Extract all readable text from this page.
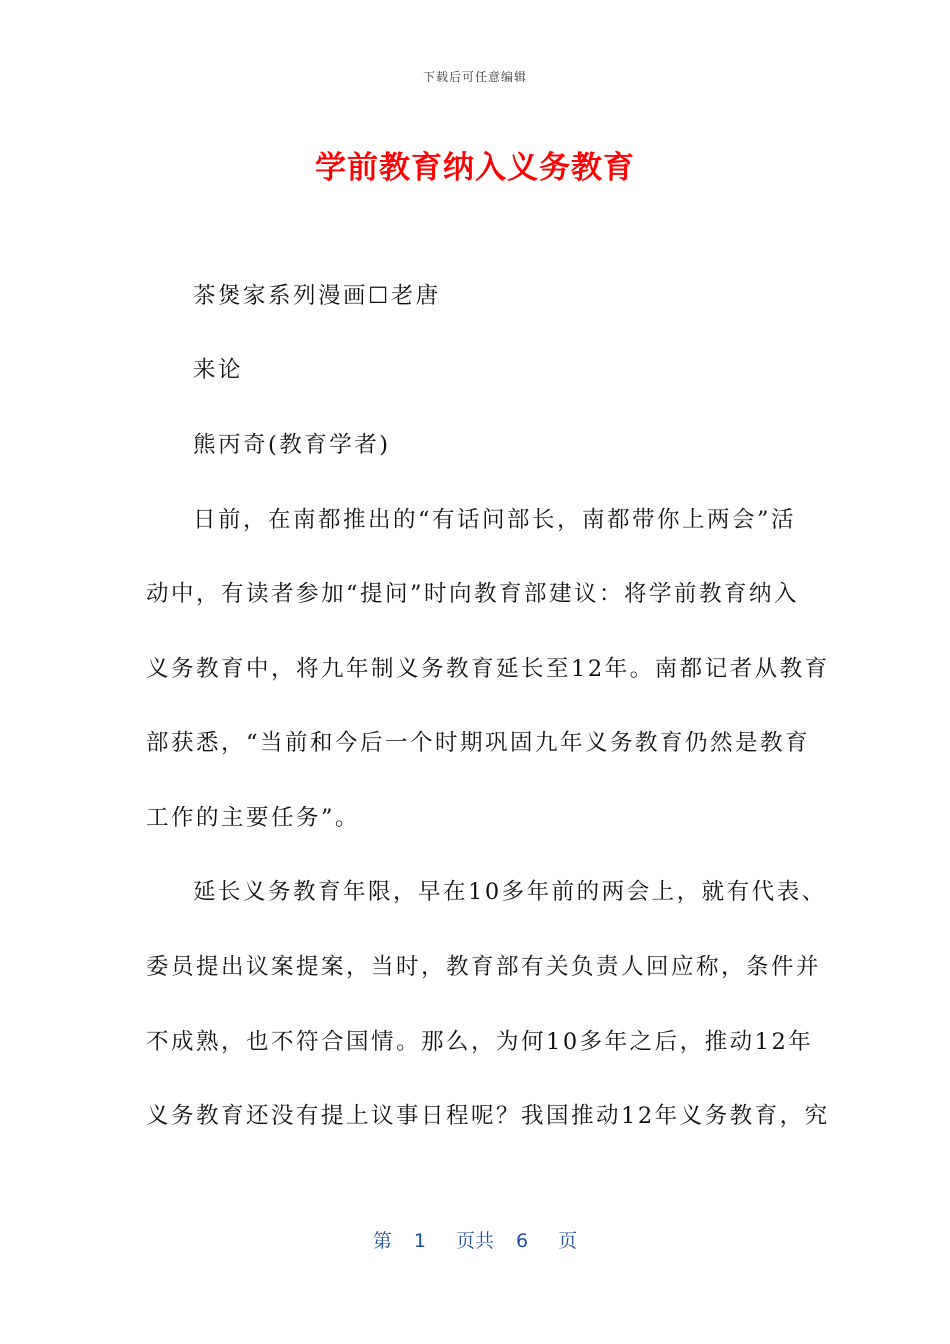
下载后可任意编辑
学前教育纳入义务教育
茶煲家系列漫画☐老唐
来论
熊丙奇(教育学者)
日前，在南都推出的“有话问部长，南都带你上两会”活
动中，有读者参加“提问”时向教育部建议：将学前教育纳入
义务教育中，将九年制义务教育延长至12年。南都记者从教育
部获悉，“当前和今后一个时期巩固九年义务教育仍然是教育
工作的主要任务”。
延长义务教育年限，早在10多年前的两会上，就有代表、
委员提出议案提案，当时，教育部有关负责人回应称，条件并
不成熟，也不符合国情。那么，为何10多年之后，推动12年
义务教育还没有提上议事日程呢？我国推动12年义务教育，究
第 1 页共 6 页
